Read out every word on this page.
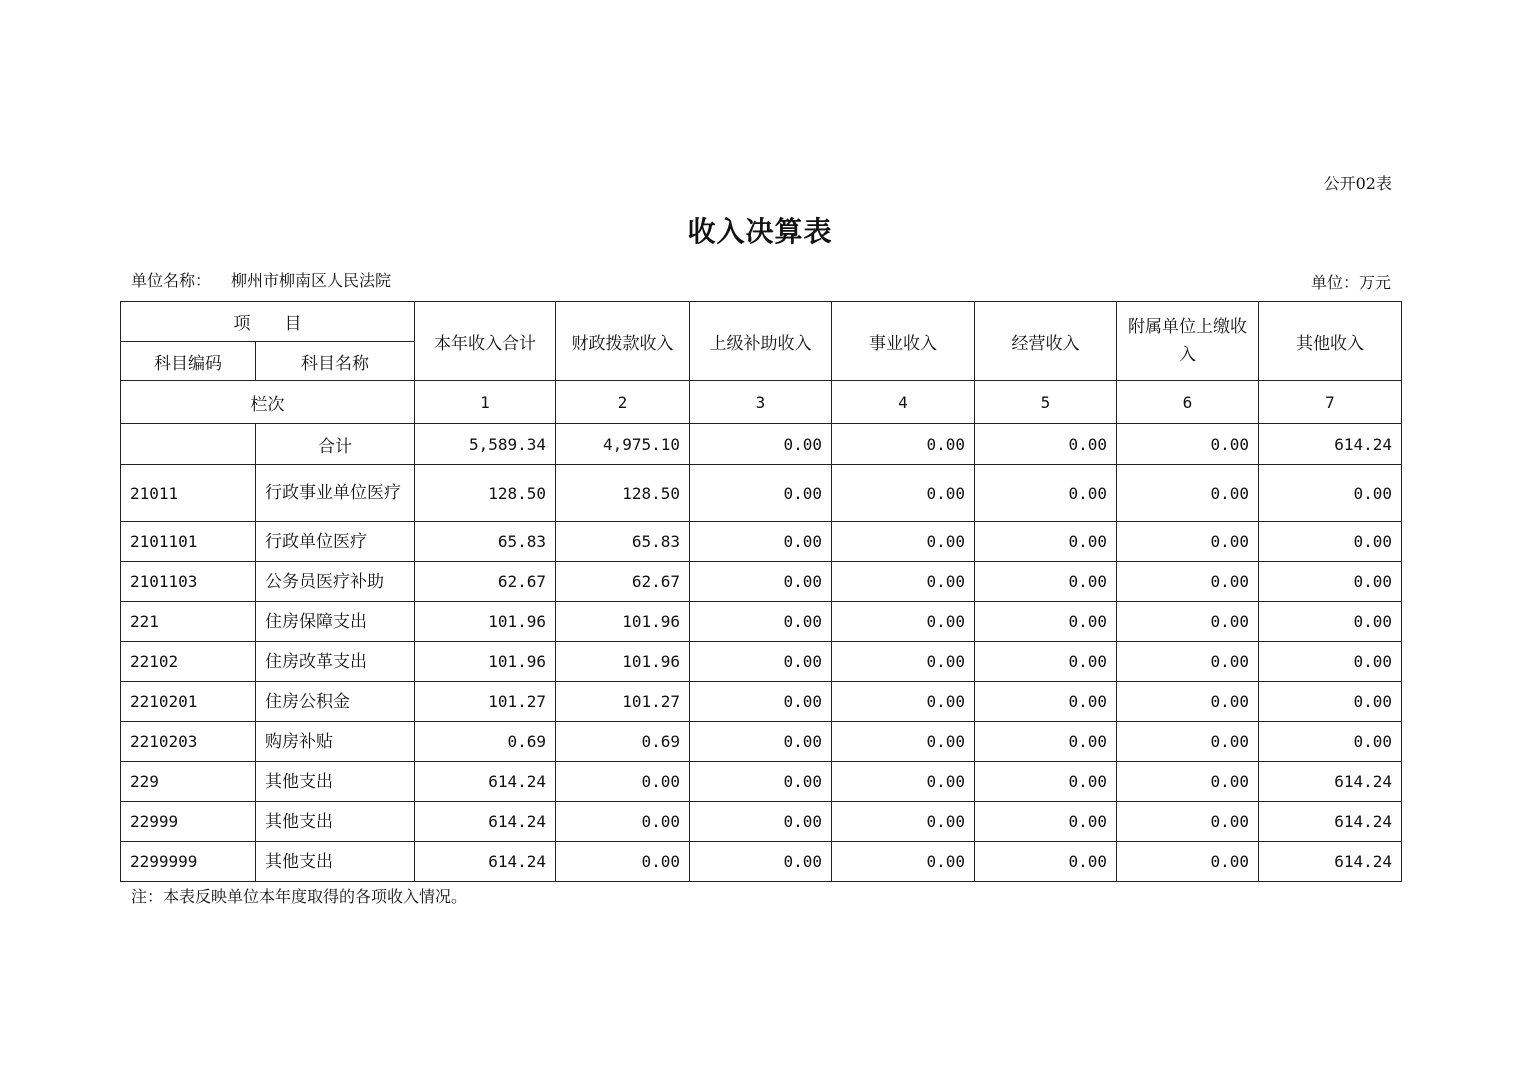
公开02表
收入决算表
单位名称： 柳州市柳南区人民法院	单位：万元
项　　目		本年收入合计	财政拨款收入	上级补助收入	事业收入	经营收入	附属单位上缴收入	其他收入
科目编码	科目名称							
栏次		1	2	3	4	5	6	7
	合计	5,589.34	4,975.10	0.00	0.00	0.00	0.00	614.24
21011	行政事业单位医疗	128.50	128.50	0.00	0.00	0.00	0.00	0.00
2101101	行政单位医疗	65.83	65.83	0.00	0.00	0.00	0.00	0.00
2101103	公务员医疗补助	62.67	62.67	0.00	0.00	0.00	0.00	0.00
221	住房保障支出	101.96	101.96	0.00	0.00	0.00	0.00	0.00
22102	住房改革支出	101.96	101.96	0.00	0.00	0.00	0.00	0.00
2210201	住房公积金	101.27	101.27	0.00	0.00	0.00	0.00	0.00
2210203	购房补贴	0.69	0.69	0.00	0.00	0.00	0.00	0.00
229	其他支出	614.24	0.00	0.00	0.00	0.00	0.00	614.24
22999	其他支出	614.24	0.00	0.00	0.00	0.00	0.00	614.24
2299999	其他支出	614.24	0.00	0.00	0.00	0.00	0.00	614.24
注：本表反映单位本年度取得的各项收入情况。
